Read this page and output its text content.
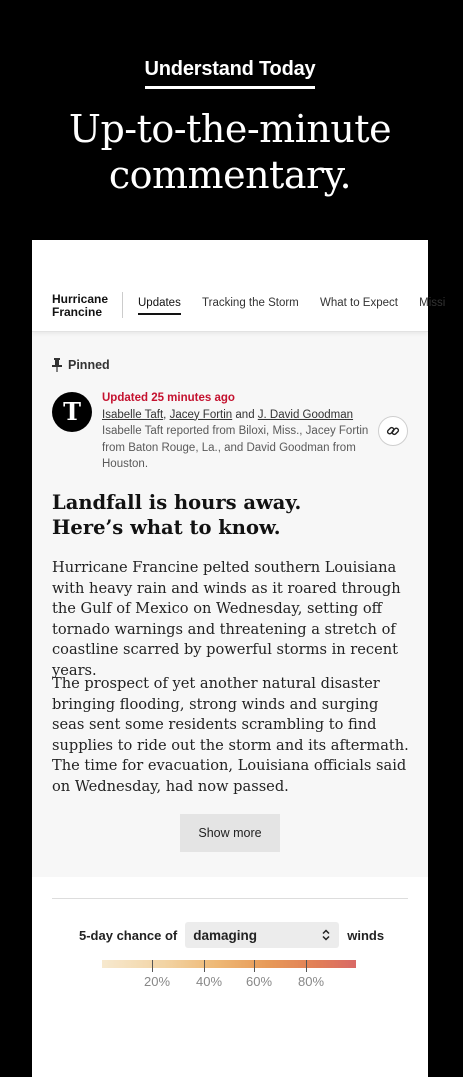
Understand Today
Up-to-the-minute
commentary.
Hurricane
Francine
Updates Tracking the Storm What to Expect Missi
Pinned
T	Updated 25 minutes ago
Isabelle Taft, Jacey Fortin and J. David Goodman
Isabelle Taft reported from Biloxi, Miss., Jacey Fortin from Baton Rouge, La., and David Goodman from Houston.
Landfall is hours away.
Here’s what to know.

Hurricane Francine pelted southern Louisiana with heavy rain and winds as it roared through the Gulf of Mexico on Wednesday, setting off tornado warnings and threatening a stretch of coastline scarred by powerful storms in recent years.

The prospect of yet another natural disaster bringing flooding, strong winds and surging seas sent some residents scrambling to find supplies to ride out the storm and its aftermath. The time for evacuation, Louisiana officials said on Wednesday, had now passed.

Show more
5-day chance of damaging	winds
20% 40% 60% 80%
